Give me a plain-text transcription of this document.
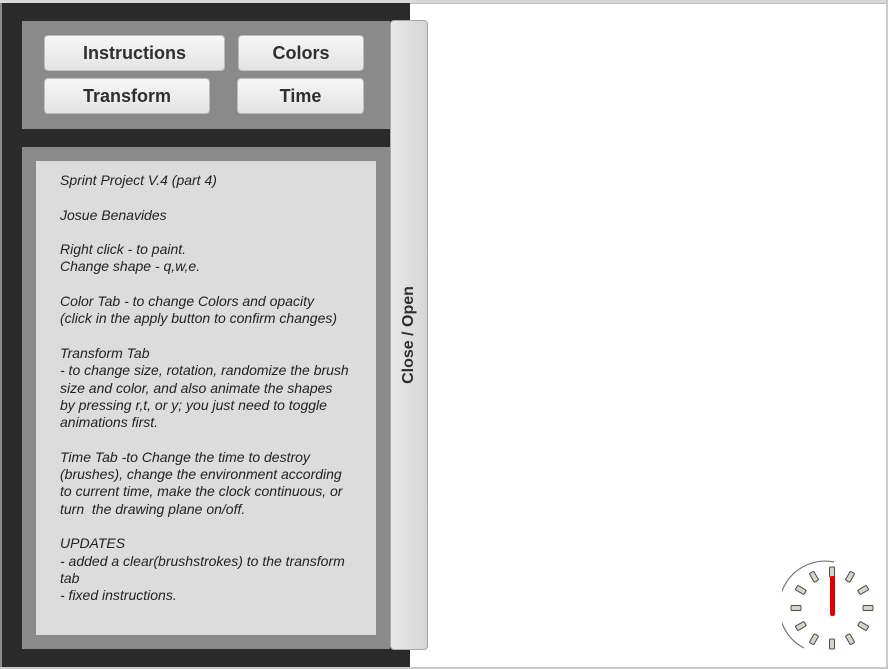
Instructions	Colors
Transform	Time

Sprint Project V.4 (part 4)

Josue Benavides

Right click - to paint.
Change shape - q,w,e.

Color Tab - to change Colors and opacity
(click in the apply button to confirm changes)

Transform Tab
- to change size, rotation, randomize the brush
size and color, and also animate the shapes
by pressing r,t, or y; you just need to toggle
animations first.

Time Tab -to Change the time to destroy
(brushes), change the environment according
to current time, make the clock continuous, or
turn  the drawing plane on/off.

UPDATES
- added a clear(brushstrokes) to the transform
tab
- fixed instructions.

Close / Open
